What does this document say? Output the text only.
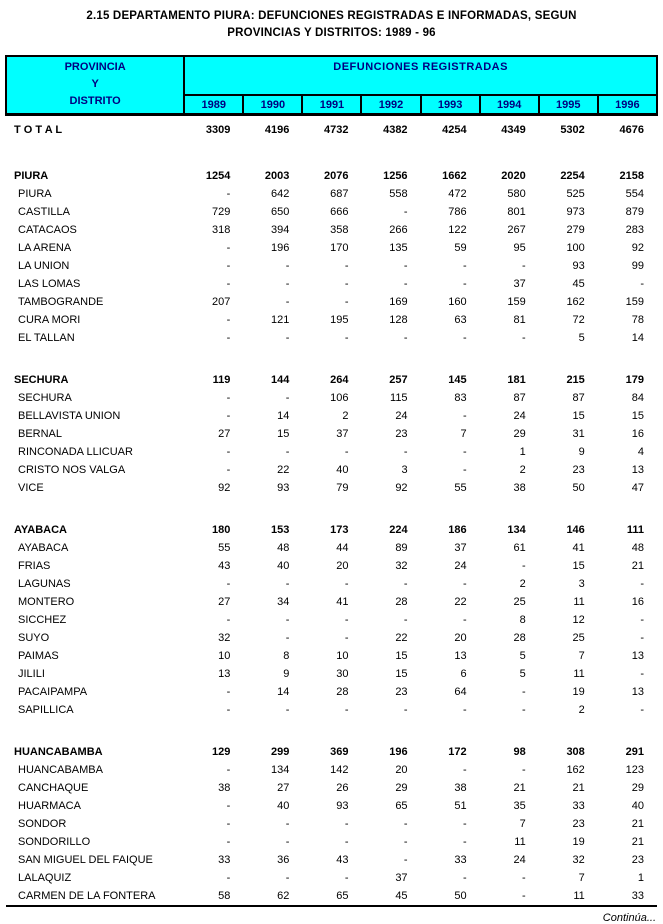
2.15 DEPARTAMENTO PIURA: DEFUNCIONES REGISTRADAS E INFORMADAS, SEGUN
PROVINCIAS Y DISTRITOS: 1989 - 96
PROVINCIA
Y
DISTRITO	DEFUNCIONES REGISTRADAS							
	1989	1990	1991	1992	1993	1994	1995	1996
T O T A L	3309	4196	4732	4382	4254	4349	5302	4676

PIURA	1254	2003	2076	1256	1662	2020	2254	2158
PIURA	-	642	687	558	472	580	525	554
CASTILLA	729	650	666	-	786	801	973	879
CATACAOS	318	394	358	266	122	267	279	283
LA ARENA	-	196	170	135	59	95	100	92
LA UNION	-	-	-	-	-	-	93	99
LAS LOMAS	-	-	-	-	-	37	45	-
TAMBOGRANDE	207	-	-	169	160	159	162	159
CURA MORI	-	121	195	128	63	81	72	78
EL TALLAN	-	-	-	-	-	-	5	14

SECHURA	119	144	264	257	145	181	215	179
SECHURA	-	-	106	115	83	87	87	84
BELLAVISTA UNION	-	14	2	24	-	24	15	15
BERNAL	27	15	37	23	7	29	31	16
RINCONADA LLICUAR	-	-	-	-	-	1	9	4
CRISTO NOS VALGA	-	22	40	3	-	2	23	13
VICE	92	93	79	92	55	38	50	47

AYABACA	180	153	173	224	186	134	146	111
AYABACA	55	48	44	89	37	61	41	48
FRIAS	43	40	20	32	24	-	15	21
LAGUNAS	-	-	-	-	-	2	3	-
MONTERO	27	34	41	28	22	25	11	16
SICCHEZ	-	-	-	-	-	8	12	-
SUYO	32	-	-	22	20	28	25	-
PAIMAS	10	8	10	15	13	5	7	13
JILILI	13	9	30	15	6	5	11	-
PACAIPAMPA	-	14	28	23	64	-	19	13
SAPILLICA	-	-	-	-	-	-	2	-

HUANCABAMBA	129	299	369	196	172	98	308	291
HUANCABAMBA	-	134	142	20	-	-	162	123
CANCHAQUE	38	27	26	29	38	21	21	29
HUARMACA	-	40	93	65	51	35	33	40
SONDOR	-	-	-	-	-	7	23	21
SONDORILLO	-	-	-	-	-	11	19	21
SAN MIGUEL DEL FAIQUE	33	36	43	-	33	24	32	23
LALAQUIZ	-	-	-	37	-	-	7	1
CARMEN DE LA FONTERA	58	62	65	45	50	-	11	33
Continúa...
